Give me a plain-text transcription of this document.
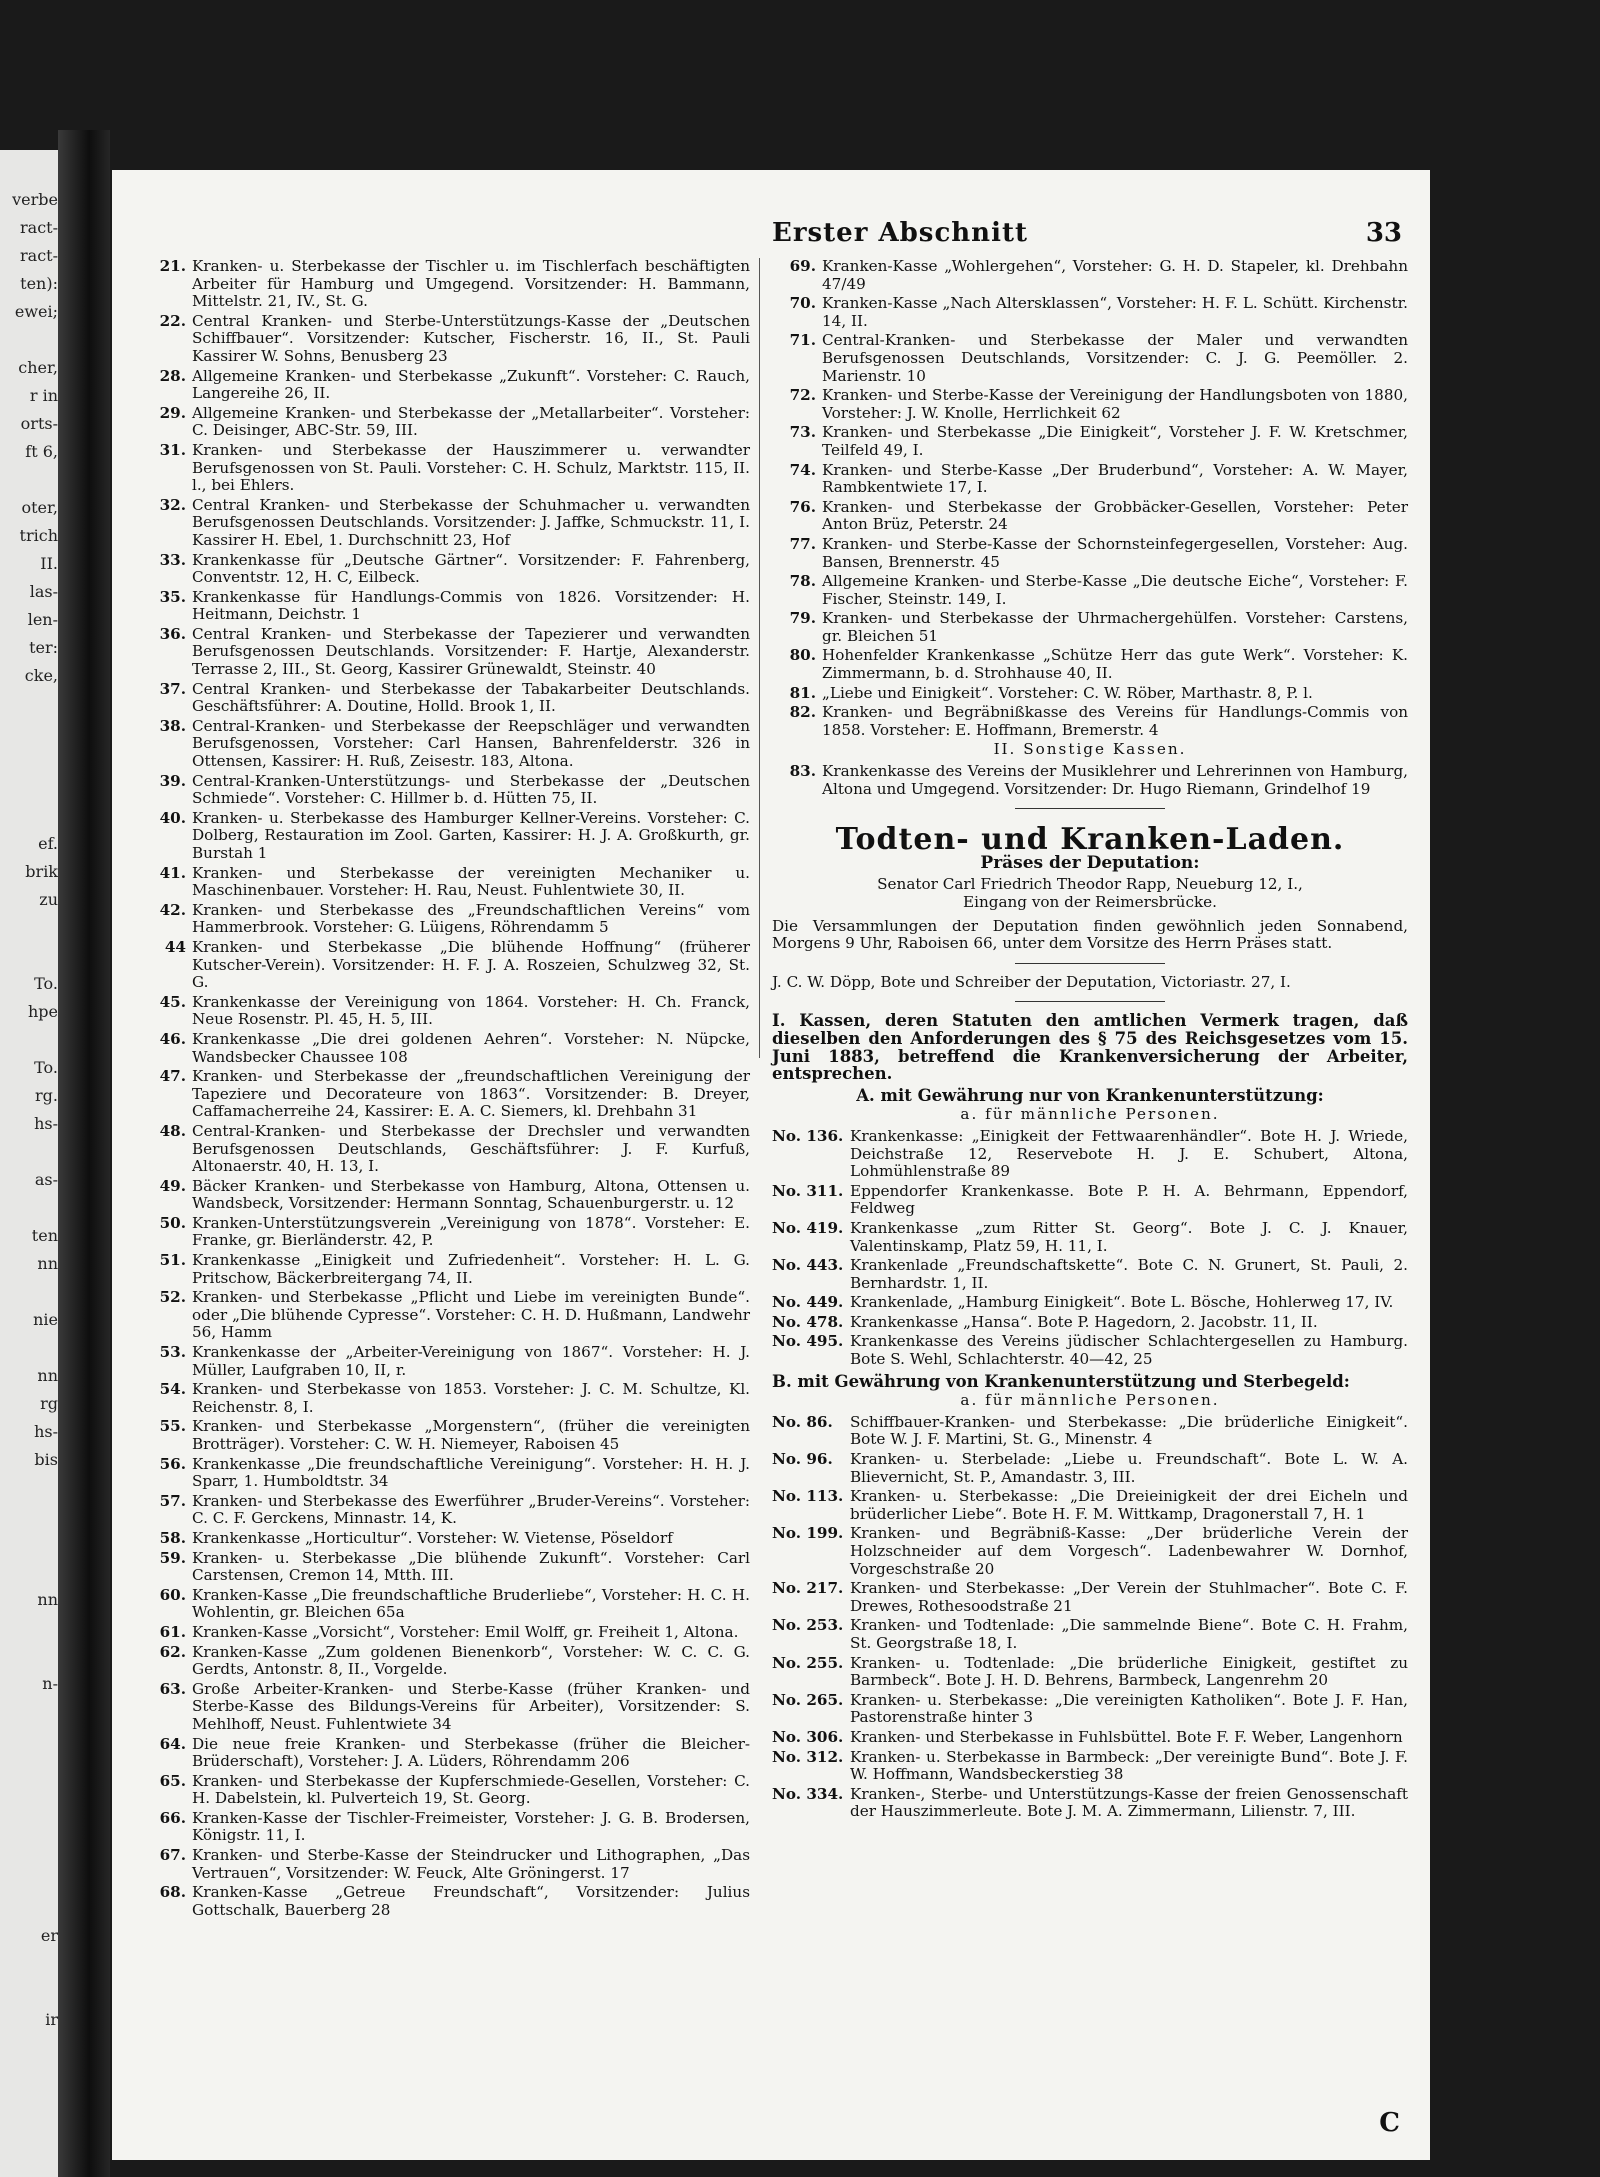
verbe
ract-
ract-
ten):
ewei;
cher,
r in
orts-
ft 6,
oter,
trich
II.
las-
len-
ter:
cke,
ef.
brik
zu
To.
hpe
To.
rg.
hs-
as-
ten
nn
nie
nn
rg
hs-
bis
nn
n-
er
ir
Erster Abschnitt	33
21. Kranken- u. Sterbekasse der Tischler u. im Tischlerfach beschäftigten Arbeiter für Hamburg und Umgegend. Vorsitzender: H. Bammann, Mittelstr. 21, IV., St. G.
22. Central Kranken- und Sterbe-Unterstützungs-Kasse der „Deutschen Schiffbauer“. Vorsitzender: Kutscher, Fischerstr. 16, II., St. Pauli Kassirer W. Sohns, Benusberg 23
28. Allgemeine Kranken- und Sterbekasse „Zukunft“. Vorsteher: C. Rauch, Langereihe 26, II.
29. Allgemeine Kranken- und Sterbekasse der „Metallarbeiter“. Vorsteher: C. Deisinger, ABC-Str. 59, III.
31. Kranken- und Sterbekasse der Hauszimmerer u. verwandter Berufsgenossen von St. Pauli. Vorsteher: C. H. Schulz, Marktstr. 115, II. l., bei Ehlers.
32. Central Kranken- und Sterbekasse der Schuhmacher u. verwandten Berufsgenossen Deutschlands. Vorsitzender: J. Jaffke, Schmuckstr. 11, I. Kassirer H. Ebel, 1. Durchschnitt 23, Hof
33. Krankenkasse für „Deutsche Gärtner“. Vorsitzender: F. Fahrenberg, Conventstr. 12, H. C, Eilbeck.
35. Krankenkasse für Handlungs-Commis von 1826. Vorsitzender: H. Heitmann, Deichstr. 1
36. Central Kranken- und Sterbekasse der Tapezierer und verwandten Berufsgenossen Deutschlands. Vorsitzender: F. Hartje, Alexanderstr. Terrasse 2, III., St. Georg, Kassirer Grünewaldt, Steinstr. 40
37. Central Kranken- und Sterbekasse der Tabakarbeiter Deutschlands. Geschäftsführer: A. Doutine, Holld. Brook 1, II.
38. Central-Kranken- und Sterbekasse der Reepschläger und verwandten Berufsgenossen, Vorsteher: Carl Hansen, Bahrenfelderstr. 326 in Ottensen, Kassirer: H. Ruß, Zeisestr. 183, Altona.
39. Central-Kranken-Unterstützungs- und Sterbekasse der „Deutschen Schmiede“. Vorsteher: C. Hillmer b. d. Hütten 75, II.
40. Kranken- u. Sterbekasse des Hamburger Kellner-Vereins. Vorsteher: C. Dolberg, Restauration im Zool. Garten, Kassirer: H. J. A. Großkurth, gr. Burstah 1
41. Kranken- und Sterbekasse der vereinigten Mechaniker u. Maschinenbauer. Vorsteher: H. Rau, Neust. Fuhlentwiete 30, II.
42. Kranken- und Sterbekasse des „Freundschaftlichen Vereins“ vom Hammerbrook. Vorsteher: G. Lüigens, Röhrendamm 5
44 Kranken- und Sterbekasse „Die blühende Hoffnung“ (früherer Kutscher-Verein). Vorsitzender: H. F. J. A. Roszeien, Schulzweg 32, St. G.
45. Krankenkasse der Vereinigung von 1864. Vorsteher: H. Ch. Franck, Neue Rosenstr. Pl. 45, H. 5, III.
46. Krankenkasse „Die drei goldenen Aehren“. Vorsteher: N. Nüpcke, Wandsbecker Chaussee 108
47. Kranken- und Sterbekasse der „freundschaftlichen Vereinigung der Tapeziere und Decorateure von 1863“. Vorsitzender: B. Dreyer, Caffamacherreihe 24, Kassirer: E. A. C. Siemers, kl. Drehbahn 31
48. Central-Kranken- und Sterbekasse der Drechsler und verwandten Berufsgenossen Deutschlands, Geschäftsführer: J. F. Kurfuß, Altonaerstr. 40, H. 13, I.
49. Bäcker Kranken- und Sterbekasse von Hamburg, Altona, Ottensen u. Wandsbeck, Vorsitzender: Hermann Sonntag, Schauenburgerstr. u. 12
50. Kranken-Unterstützungsverein „Vereinigung von 1878“. Vorsteher: E. Franke, gr. Bierländerstr. 42, P.
51. Krankenkasse „Einigkeit und Zufriedenheit“. Vorsteher: H. L. G. Pritschow, Bäckerbreitergang 74, II.
52. Kranken- und Sterbekasse „Pflicht und Liebe im vereinigten Bunde“. oder „Die blühende Cypresse“. Vorsteher: C. H. D. Hußmann, Landwehr 56, Hamm
53. Krankenkasse der „Arbeiter-Vereinigung von 1867“. Vorsteher: H. J. Müller, Laufgraben 10, II, r.
54. Kranken- und Sterbekasse von 1853. Vorsteher: J. C. M. Schultze, Kl. Reichenstr. 8, I.
55. Kranken- und Sterbekasse „Morgenstern“, (früher die vereinigten Brotträger). Vorsteher: C. W. H. Niemeyer, Raboisen 45
56. Krankenkasse „Die freundschaftliche Vereinigung“. Vorsteher: H. H. J. Sparr, 1. Humboldtstr. 34
57. Kranken- und Sterbekasse des Ewerführer „Bruder-Vereins“. Vorsteher: C. C. F. Gerckens, Minnastr. 14, K.
58. Krankenkasse „Horticultur“. Vorsteher: W. Vietense, Pöseldorf
59. Kranken- u. Sterbekasse „Die blühende Zukunft“. Vorsteher: Carl Carstensen, Cremon 14, Mtth. III.
60. Kranken-Kasse „Die freundschaftliche Bruderliebe“, Vorsteher: H. C. H. Wohlentin, gr. Bleichen 65a
61. Kranken-Kasse „Vorsicht“, Vorsteher: Emil Wolff, gr. Freiheit 1, Altona.
62. Kranken-Kasse „Zum goldenen Bienenkorb“, Vorsteher: W. C. C. G. Gerdts, Antonstr. 8, II., Vorgelde.
63. Große Arbeiter-Kranken- und Sterbe-Kasse (früher Kranken- und Sterbe-Kasse des Bildungs-Vereins für Arbeiter), Vorsitzender: S. Mehlhoff, Neust. Fuhlentwiete 34
64. Die neue freie Kranken- und Sterbekasse (früher die Bleicher-Brüderschaft), Vorsteher: J. A. Lüders, Röhrendamm 206
65. Kranken- und Sterbekasse der Kupferschmiede-Gesellen, Vorsteher: C. H. Dabelstein, kl. Pulverteich 19, St. Georg.
66. Kranken-Kasse der Tischler-Freimeister, Vorsteher: J. G. B. Brodersen, Königstr. 11, I.
67. Kranken- und Sterbe-Kasse der Steindrucker und Lithographen, „Das Vertrauen“, Vorsitzender: W. Feuck, Alte Gröningerst. 17
68. Kranken-Kasse „Getreue Freundschaft“, Vorsitzender: Julius Gottschalk, Bauerberg 28
69. Kranken-Kasse „Wohlergehen“, Vorsteher: G. H. D. Stapeler, kl. Drehbahn 47/49
70. Kranken-Kasse „Nach Altersklassen“, Vorsteher: H. F. L. Schütt. Kirchenstr. 14, II.
71. Central-Kranken- und Sterbekasse der Maler und verwandten Berufsgenossen Deutschlands, Vorsitzender: C. J. G. Peemöller. 2. Marienstr. 10
72. Kranken- und Sterbe-Kasse der Vereinigung der Handlungsboten von 1880, Vorsteher: J. W. Knolle, Herrlichkeit 62
73. Kranken- und Sterbekasse „Die Einigkeit“, Vorsteher J. F. W. Kretschmer, Teilfeld 49, I.
74. Kranken- und Sterbe-Kasse „Der Bruderbund“, Vorsteher: A. W. Mayer, Rambkentwiete 17, I.
76. Kranken- und Sterbekasse der Grobbäcker-Gesellen, Vorsteher: Peter Anton Brüz, Peterstr. 24
77. Kranken- und Sterbe-Kasse der Schornsteinfegergesellen, Vorsteher: Aug. Bansen, Brennerstr. 45
78. Allgemeine Kranken- und Sterbe-Kasse „Die deutsche Eiche“, Vorsteher: F. Fischer, Steinstr. 149, I.
79. Kranken- und Sterbekasse der Uhrmachergehülfen. Vorsteher: Carstens, gr. Bleichen 51
80. Hohenfelder Krankenkasse „Schütze Herr das gute Werk“. Vorsteher: K. Zimmermann, b. d. Strohhause 40, II.
81. „Liebe und Einigkeit“. Vorsteher: C. W. Röber, Marthastr. 8, P. l.
82. Kranken- und Begräbnißkasse des Vereins für Handlungs-Commis von 1858. Vorsteher: E. Hoffmann, Bremerstr. 4
II. Sonstige Kassen.
83. Krankenkasse des Vereins der Musiklehrer und Lehrerinnen von Hamburg, Altona und Umgegend. Vorsitzender: Dr. Hugo Riemann, Grindelhof 19
Todten- und Kranken-Laden.
Präses der Deputation:
Senator Carl Friedrich Theodor Rapp, Neueburg 12, I.,
Eingang von der Reimersbrücke.
Die Versammlungen der Deputation finden gewöhnlich jeden Sonnabend, Morgens 9 Uhr, Raboisen 66, unter dem Vorsitze des Herrn Präses statt.
J. C. W. Döpp, Bote und Schreiber der Deputation, Victoriastr. 27, I.
I. Kassen, deren Statuten den amtlichen Vermerk tragen, daß dieselben den Anforderungen des § 75 des Reichsgesetzes vom 15. Juni 1883, betreffend die Krankenversicherung der Arbeiter, entsprechen.
A. mit Gewährung nur von Krankenunterstützung:
a. für männliche Personen.
No. 136. Krankenkasse: „Einigkeit der Fettwaarenhändler“. Bote H. J. Wriede, Deichstraße 12, Reservebote H. J. E. Schubert, Altona, Lohmühlenstraße 89
No. 311. Eppendorfer Krankenkasse. Bote P. H. A. Behrmann, Eppendorf, Feldweg
No. 419. Krankenkasse „zum Ritter St. Georg“. Bote J. C. J. Knauer, Valentinskamp, Platz 59, H. 11, I.
No. 443. Krankenlade „Freundschaftskette“. Bote C. N. Grunert, St. Pauli, 2. Bernhardstr. 1, II.
No. 449. Krankenlade, „Hamburg Einigkeit“. Bote L. Bösche, Hohlerweg 17, IV.
No. 478. Krankenkasse „Hansa“. Bote P. Hagedorn, 2. Jacobstr. 11, II.
No. 495. Krankenkasse des Vereins jüdischer Schlachtergesellen zu Hamburg. Bote S. Wehl, Schlachterstr. 40—42, 25
B. mit Gewährung von Krankenunterstützung und Sterbegeld:
a. für männliche Personen.
No. 86.	Schiffbauer-Kranken- und Sterbekasse: „Die brüderliche Einigkeit“. Bote W. J. F. Martini, St. G., Minenstr. 4
No. 96.	Kranken- u. Sterbelade: „Liebe u. Freundschaft“. Bote L. W. A. Blievernicht, St. P., Amandastr. 3, III.
No. 113. Kranken- u. Sterbekasse: „Die Dreieinigkeit der drei Eicheln und brüderlicher Liebe“. Bote H. F. M. Wittkamp, Dragonerstall 7, H. 1
No. 199. Kranken- und Begräbniß-Kasse: „Der brüderliche Verein der Holzschneider auf dem Vorgesch“. Ladenbewahrer W. Dornhof, Vorgeschstraße 20
No. 217. Kranken- und Sterbekasse: „Der Verein der Stuhlmacher“. Bote C. F. Drewes, Rothesoodstraße 21
No. 253. Kranken- und Todtenlade: „Die sammelnde Biene“. Bote C. H. Frahm, St. Georgstraße 18, I.
No. 255. Kranken- u. Todtenlade: „Die brüderliche Einigkeit, gestiftet zu Barmbeck“. Bote J. H. D. Behrens, Barmbeck, Langenrehm 20
No. 265. Kranken- u. Sterbekasse: „Die vereinigten Katholiken“. Bote J. F. Han, Pastorenstraße hinter 3
No. 306. Kranken- und Sterbekasse in Fuhlsbüttel. Bote F. F. Weber, Langenhorn
No. 312. Kranken- u. Sterbekasse in Barmbeck: „Der vereinigte Bund“. Bote J. F. W. Hoffmann, Wandsbeckerstieg 38
No. 334. Kranken-, Sterbe- und Unterstützungs-Kasse der freien Genossenschaft der Hauszimmerleute. Bote J. M. A. Zimmermann, Lilienstr. 7, III.
C
